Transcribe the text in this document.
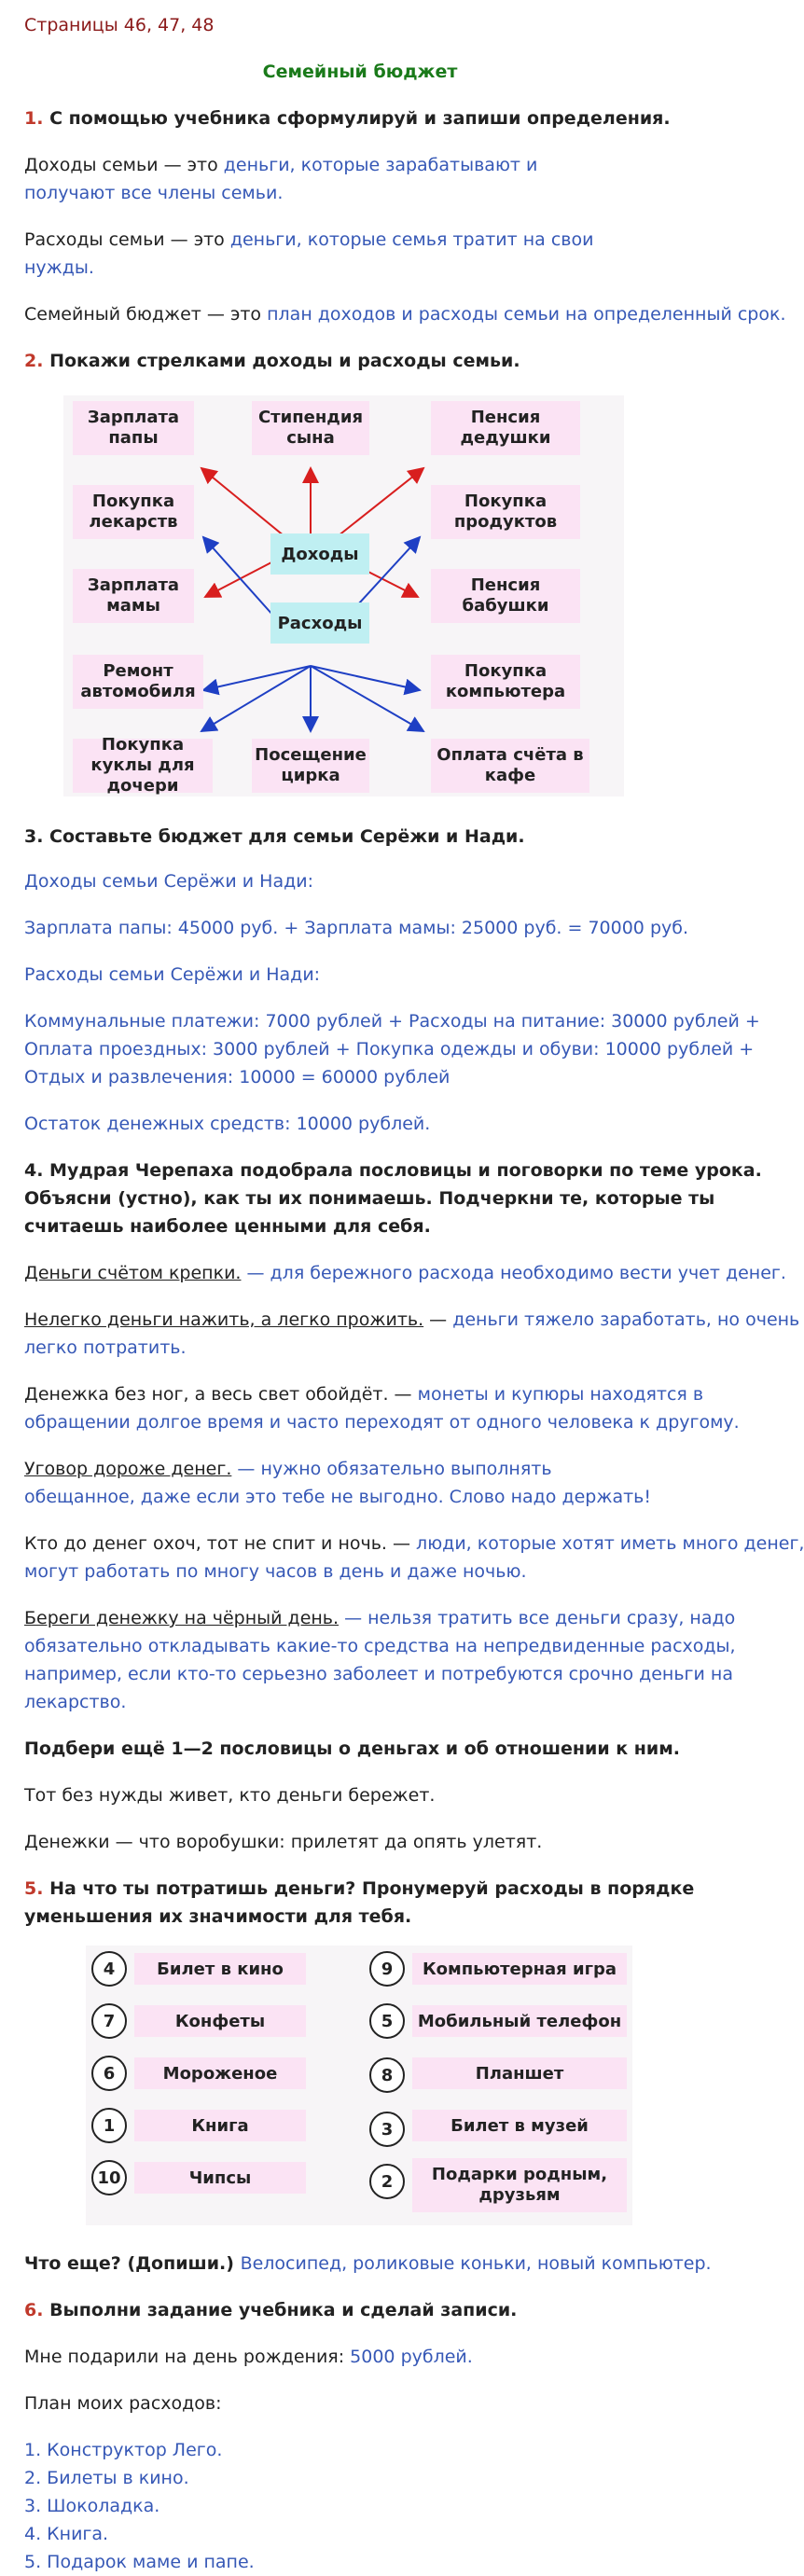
Страницы 46, 47, 48
Семейный бюджет
1. С помощью учебника сформулируй и запиши определения.
Доходы семьи — это деньги, которые зарабатывают и
получают все члены семьи.
Расходы семьи — это деньги, которые семья тратит на свои
нужды.
Семейный бюджет — это план доходов и расходы семьи на определенный срок.
2. Покажи стрелками доходы и расходы семьи.
Зарплата папы
Стипендия сына
Пенсия дедушки
Покупка лекарств
Покупка продуктов
Зарплата мамы
Пенсия бабушки
Ремонт автомобиля
Покупка компьютера
Покупка куклы для дочери
Посещение цирка
Оплата счёта в кафе
Доходы
Расходы
3. Составьте бюджет для семьи Серёжи и Нади.
Доходы семьи Серёжи и Нади:
Зарплата папы: 45000 руб. + Зарплата мамы: 25000 руб. = 70000 руб.
Расходы семьи Серёжи и Нади:
Коммунальные платежи: 7000 рублей + Расходы на питание: 30000 рублей +
Оплата проездных: 3000 рублей + Покупка одежды и обуви: 10000 рублей +
Отдых и развлечения: 10000 = 60000 рублей
Остаток денежных средств: 10000 рублей.
4. Мудрая Черепаха подобрала пословицы и поговорки по теме урока.
Объясни (устно), как ты их понимаешь. Подчеркни те, которые ты
считаешь наиболее ценными для себя.
Деньги счётом крепки. — для бережного расхода необходимо вести учет денег.
Нелегко деньги нажить, а легко прожить. — деньги тяжело заработать, но очень
легко потратить.
Денежка без ног, а весь свет обойдёт. — монеты и купюры находятся в
обращении долгое время и часто переходят от одного человека к другому.
Уговор дороже денег. — нужно обязательно выполнять
обещанное, даже если это тебе не выгодно. Слово надо держать!
Кто до денег охоч, тот не спит и ночь. — люди, которые хотят иметь много денег,
могут работать по многу часов в день и даже ночью.
Береги денежку на чёрный день. — нельзя тратить все деньги сразу, надо
обязательно откладывать какие-то средства на непредвиденные расходы,
например, если кто-то серьезно заболеет и потребуются срочно деньги на
лекарство.
Подбери ещё 1—2 пословицы о деньгах и об отношении к ним.
Тот без нужды живет, кто деньги бережет.
Денежки — что воробушки: прилетят да опять улетят.
5. На что ты потратишь деньги? Пронумеруй расходы в порядке
уменьшения их значимости для тебя.
4	Билет в кино
7	Конфеты
6	Мороженое
1	Книга
10	Чипсы
9	Компьютерная игра
5	Мобильный телефон
8	Планшет
3	Билет в музей
2	Подарки родным, друзьям
Что еще? (Допиши.) Велосипед, роликовые коньки, новый компьютер.
6. Выполни задание учебника и сделай записи.
Мне подарили на день рождения: 5000 рублей.
План моих расходов:
1. Конструктор Лего.
2. Билеты в кино.
3. Шоколадка.
4. Книга.
5. Подарок маме и папе.
